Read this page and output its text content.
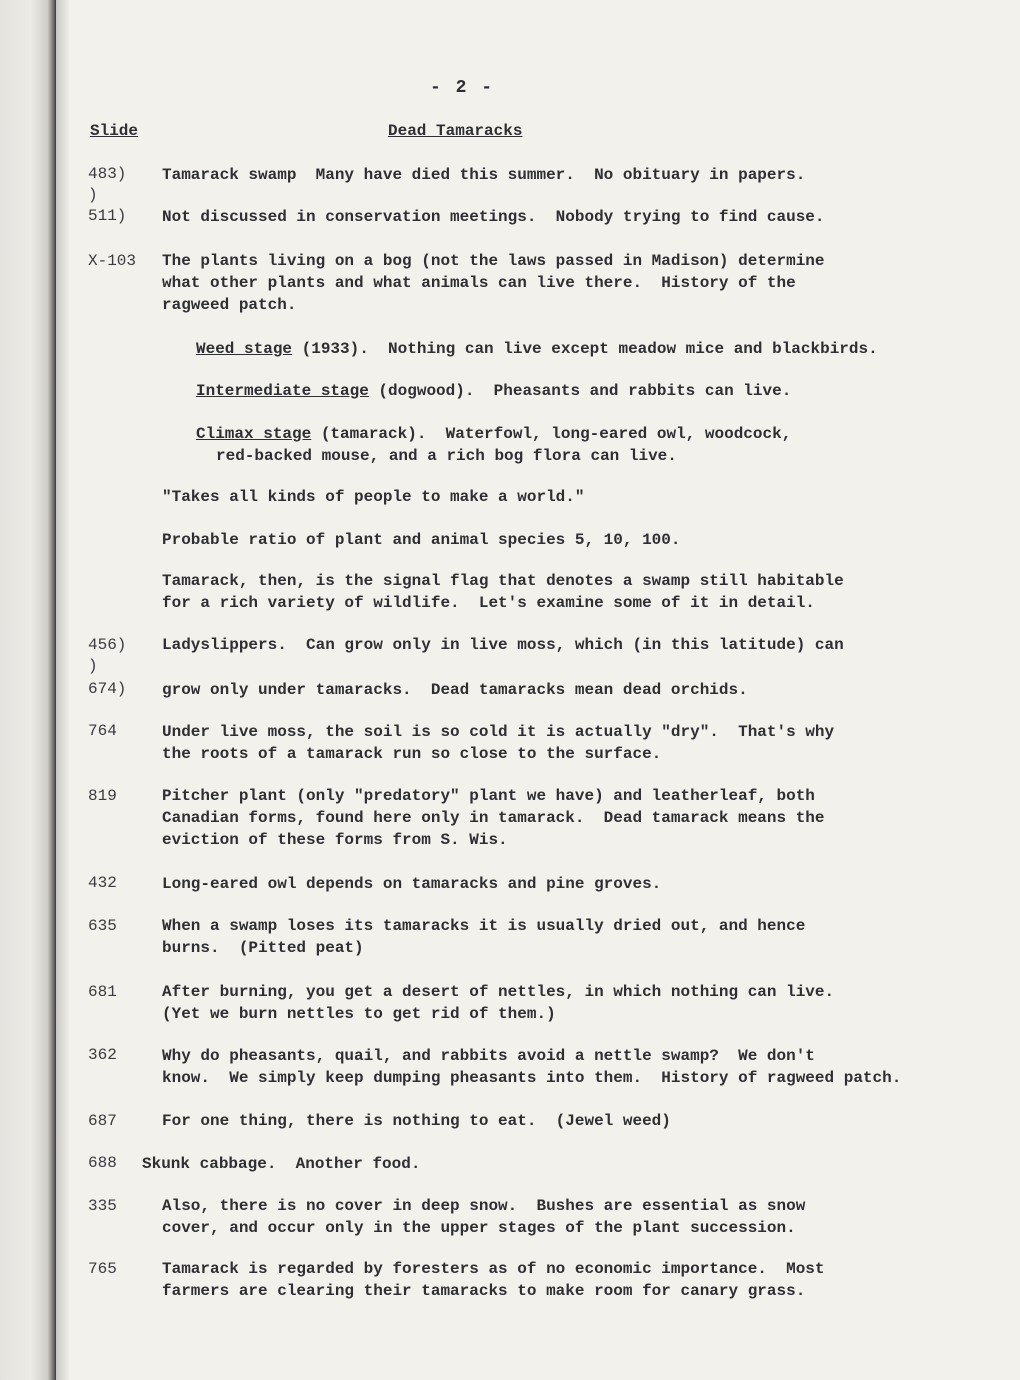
- 2 -
Slide	Dead Tamaracks
483) Tamarack swamp  Many have died this summer.  No obituary in papers.
)
511) Not discussed in conservation meetings.  Nobody trying to find cause.
X-103 The plants living on a bog (not the laws passed in Madison) determine
what other plants and what animals can live there.  History of the
ragweed patch.
Weed stage (1933).  Nothing can live except meadow mice and blackbirds.
Intermediate stage (dogwood).  Pheasants and rabbits can live.
Climax stage (tamarack).  Waterfowl, long-eared owl, woodcock,
red-backed mouse, and a rich bog flora can live.
"Takes all kinds of people to make a world."
Probable ratio of plant and animal species 5, 10, 100.
Tamarack, then, is the signal flag that denotes a swamp still habitable
for a rich variety of wildlife.  Let's examine some of it in detail.
456) Ladyslippers.  Can grow only in live moss, which (in this latitude) can
)
674) grow only under tamaracks.  Dead tamaracks mean dead orchids.
764	Under live moss, the soil is so cold it is actually "dry".  That's why
the roots of a tamarack run so close to the surface.
819	Pitcher plant (only "predatory" plant we have) and leatherleaf, both
Canadian forms, found here only in tamarack.  Dead tamarack means the
eviction of these forms from S. Wis.
432	Long-eared owl depends on tamaracks and pine groves.
635	When a swamp loses its tamaracks it is usually dried out, and hence
burns.  (Pitted peat)
681	After burning, you get a desert of nettles, in which nothing can live.
(Yet we burn nettles to get rid of them.)
362	Why do pheasants, quail, and rabbits avoid a nettle swamp?  We don't
know.  We simply keep dumping pheasants into them.  History of ragweed patch.
687	For one thing, there is nothing to eat.  (Jewel weed)
688 Skunk cabbage.  Another food.
335	Also, there is no cover in deep snow.  Bushes are essential as snow
cover, and occur only in the upper stages of the plant succession.
765	Tamarack is regarded by foresters as of no economic importance.  Most
farmers are clearing their tamaracks to make room for canary grass.
